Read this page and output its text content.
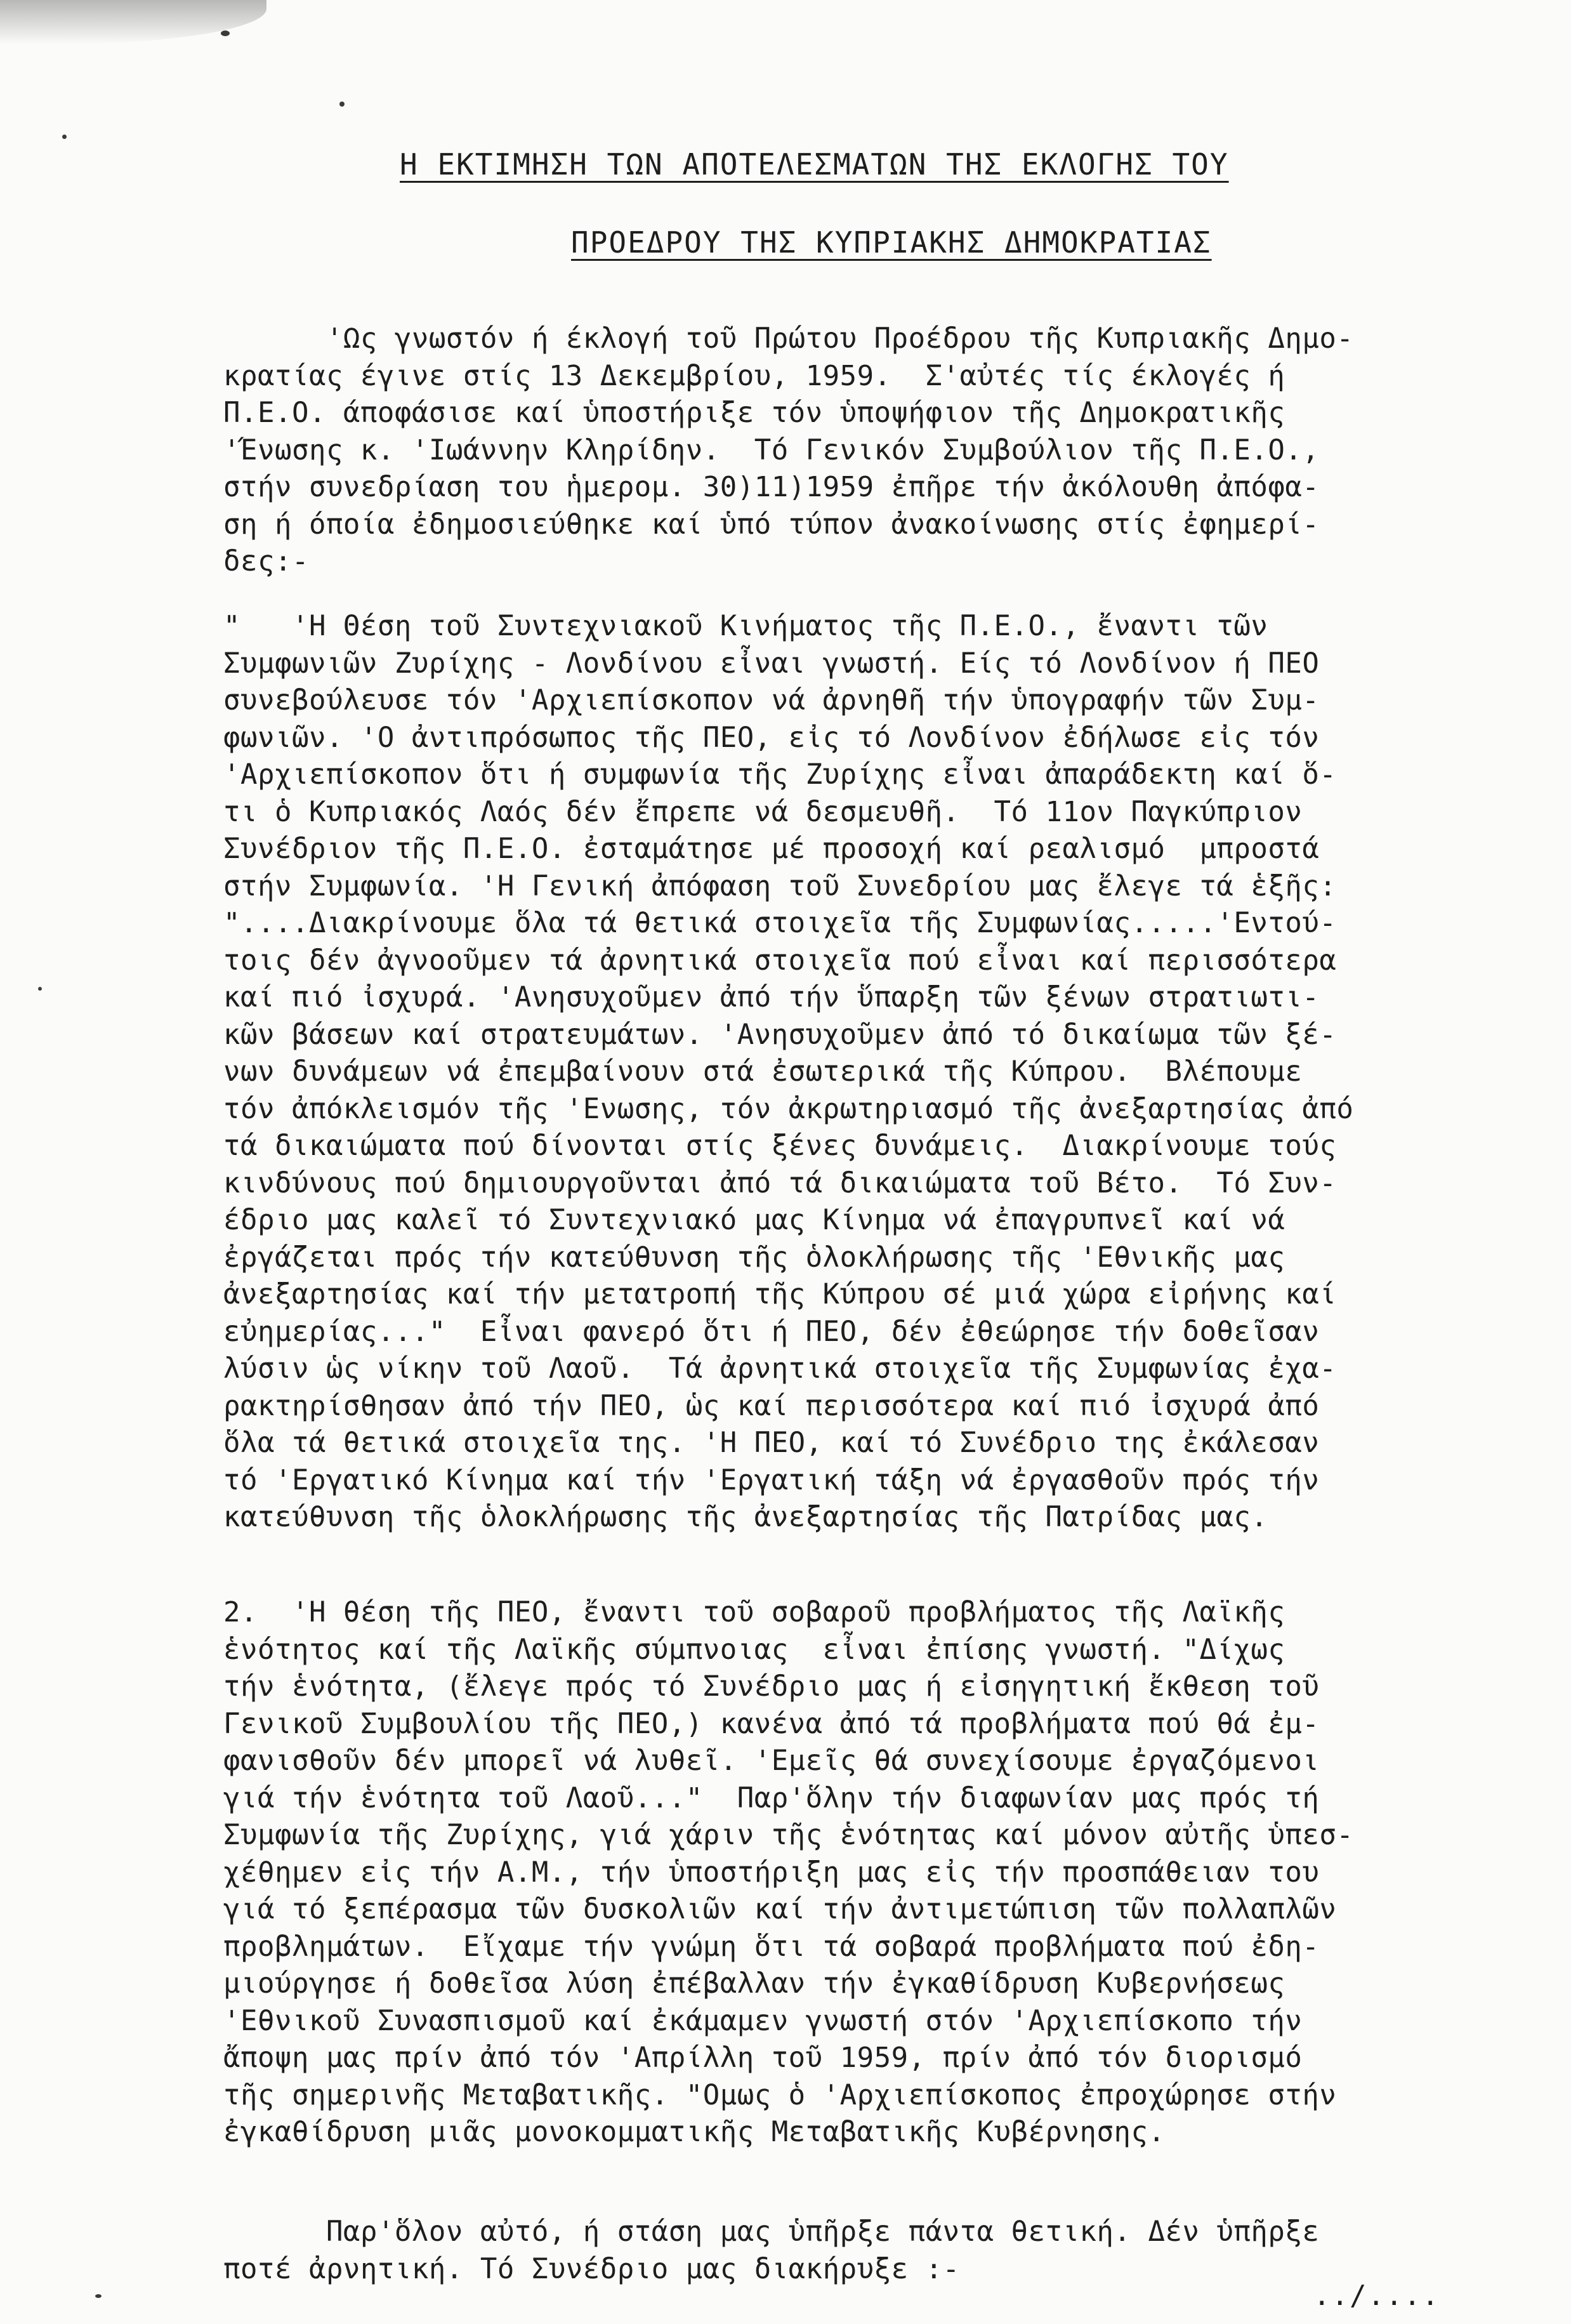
Η ΕΚΤΙΜΗΣΗ ΤΩΝ ΑΠΟΤΕΛΕΣΜΑΤΩΝ ΤΗΣ ΕΚΛΟΓΗΣ ΤΟΥ
ΠΡΟΕΔΡΟΥ ΤΗΣ ΚΥΠΡΙΑΚΗΣ ΔΗΜΟΚΡΑΤΙΑΣ
'Ως γνωστόν ή έκλογή τοῦ Πρώτου Προέδρου τῆς Κυπριακῆς Δημο-
κρατίας έγινε στίς 13 Δεκεμβρίου, 1959.  Σ'αὐτές τίς έκλογές ή
Π.Ε.Ο. άποφάσισε καί ὑποστήριξε τόν ὑποψήφιον τῆς Δημοκρατικῆς
'Ένωσης κ. 'Ιωάννην Κληρίδην.  Τό Γενικόν Συμβούλιον τῆς Π.Ε.Ο.,
στήν συνεδρίαση του ἡμερομ. 30)11)1959 ἐπῆρε τήν ἀκόλουθη ἀπόφα-
ση ή όποία ἐδημοσιεύθηκε καί ὑπό τύπον ἀνακοίνωσης στίς ἐφημερί-
δες:-
"   'Η Θέση τοῦ Συντεχνιακοῦ Κινήματος τῆς Π.Ε.Ο., ἔναντι τῶν
Συμφωνιῶν Ζυρίχης - Λονδίνου εἶναι γνωστή. Είς τό Λονδίνον ή ΠΕΟ
συνεβούλευσε τόν 'Αρχιεπίσκοπον νά ἀρνηθῆ τήν ὑπογραφήν τῶν Συμ-
φωνιῶν. 'Ο ἀντιπρόσωπος τῆς ΠΕΟ, εἰς τό Λονδίνον ἐδήλωσε εἰς τόν
'Αρχιεπίσκοπον ὅτι ή συμφωνία τῆς Ζυρίχης εἶναι ἀπαράδεκτη καί ὅ-
τι ὁ Κυπριακός Λαός δέν ἔπρεπε νά δεσμευθῆ.  Τό 11ον Παγκύπριον
Συνέδριον τῆς Π.Ε.Ο. ἐσταμάτησε μέ προσοχή καί ρεαλισμό  μπροστά
στήν Συμφωνία. 'Η Γενική ἀπόφαση τοῦ Συνεδρίου μας ἔλεγε τά ἑξῆς:
"....Διακρίνουμε ὅλα τά θετικά στοιχεῖα τῆς Συμφωνίας.....'Εντού-
τοις δέν ἀγνοοῦμεν τά ἀρνητικά στοιχεῖα πού εἶναι καί περισσότερα
καί πιό ἰσχυρά. 'Ανησυχοῦμεν ἀπό τήν ὕπαρξη τῶν ξένων στρατιωτι-
κῶν βάσεων καί στρατευμάτων. 'Ανησυχοῦμεν ἀπό τό δικαίωμα τῶν ξέ-
νων δυνάμεων νά ἐπεμβαίνουν στά ἐσωτερικά τῆς Κύπρου.  Βλέπουμε
τόν ἀπόκλεισμόν τῆς 'Ενωσης, τόν ἀκρωτηριασμό τῆς ἀνεξαρτησίας ἀπό
τά δικαιώματα πού δίνονται στίς ξένες δυνάμεις.  Διακρίνουμε τούς
κινδύνους πού δημιουργοῦνται ἀπό τά δικαιώματα τοῦ Βέτο.  Τό Συν-
έδριο μας καλεῖ τό Συντεχνιακό μας Κίνημα νά ἐπαγρυπνεῖ καί νά
ἐργάζεται πρός τήν κατεύθυνση τῆς ὁλοκλήρωσης τῆς 'Εθνικῆς μας
ἀνεξαρτησίας καί τήν μετατροπή τῆς Κύπρου σέ μιά χώρα εἰρήνης καί
εὐημερίας..."  Εἶναι φανερό ὅτι ή ΠΕΟ, δέν ἐθεώρησε τήν δοθεῖσαν
λύσιν ὡς νίκην τοῦ Λαοῦ.  Τά ἀρνητικά στοιχεῖα τῆς Συμφωνίας ἐχα-
ρακτηρίσθησαν ἀπό τήν ΠΕΟ, ὡς καί περισσότερα καί πιό ἰσχυρά ἀπό
ὅλα τά θετικά στοιχεῖα της. 'Η ΠΕΟ, καί τό Συνέδριο της ἐκάλεσαν
τό 'Εργατικό Κίνημα καί τήν 'Εργατική τάξη νά ἐργασθοῦν πρός τήν
κατεύθυνση τῆς ὁλοκλήρωσης τῆς ἀνεξαρτησίας τῆς Πατρίδας μας.
2.  'Η θέση τῆς ΠΕΟ, ἔναντι τοῦ σοβαροῦ προβλήματος τῆς Λαϊκῆς
ἑνότητος καί τῆς Λαϊκῆς σύμπνοιας  εἶναι ἐπίσης γνωστή. "Δίχως
τήν ἑνότητα, (ἔλεγε πρός τό Συνέδριο μας ή εἰσηγητική ἔκθεση τοῦ
Γενικοῦ Συμβουλίου τῆς ΠΕΟ,) κανένα ἀπό τά προβλήματα πού θά ἐμ-
φανισθοῦν δέν μπορεῖ νά λυθεῖ. 'Εμεῖς θά συνεχίσουμε ἐργαζόμενοι
γιά τήν ἑνότητα τοῦ Λαοῦ..."  Παρ'ὅλην τήν διαφωνίαν μας πρός τή
Συμφωνία τῆς Ζυρίχης, γιά χάριν τῆς ἑνότητας καί μόνον αὐτῆς ὑπεσ-
χέθημεν εἰς τήν Α.Μ., τήν ὑποστήριξη μας εἰς τήν προσπάθειαν του
γιά τό ξεπέρασμα τῶν δυσκολιῶν καί τήν ἀντιμετώπιση τῶν πολλαπλῶν
προβλημάτων.  Εἴχαμε τήν γνώμη ὅτι τά σοβαρά προβλήματα πού ἐδη-
μιούργησε ή δοθεῖσα λύση ἐπέβαλλαν τήν ἐγκαθίδρυση Κυβερνήσεως
'Εθνικοῦ Συνασπισμοῦ καί ἐκάμαμεν γνωστή στόν 'Αρχιεπίσκοπο τήν
ἄποψη μας πρίν ἀπό τόν 'Απρίλλη τοῦ 1959, πρίν ἀπό τόν διορισμό
τῆς σημερινῆς Μεταβατικῆς. "Ομως ὁ 'Αρχιεπίσκοπος ἐπροχώρησε στήν
ἐγκαθίδρυση μιᾶς μονοκομματικῆς Μεταβατικῆς Κυβέρνησης.
Παρ'ὅλον αὐτό, ή στάση μας ὑπῆρξε πάντα θετική. Δέν ὑπῆρξε
ποτέ ἀρνητική. Τό Συνέδριο μας διακήρυξε :-
../....
